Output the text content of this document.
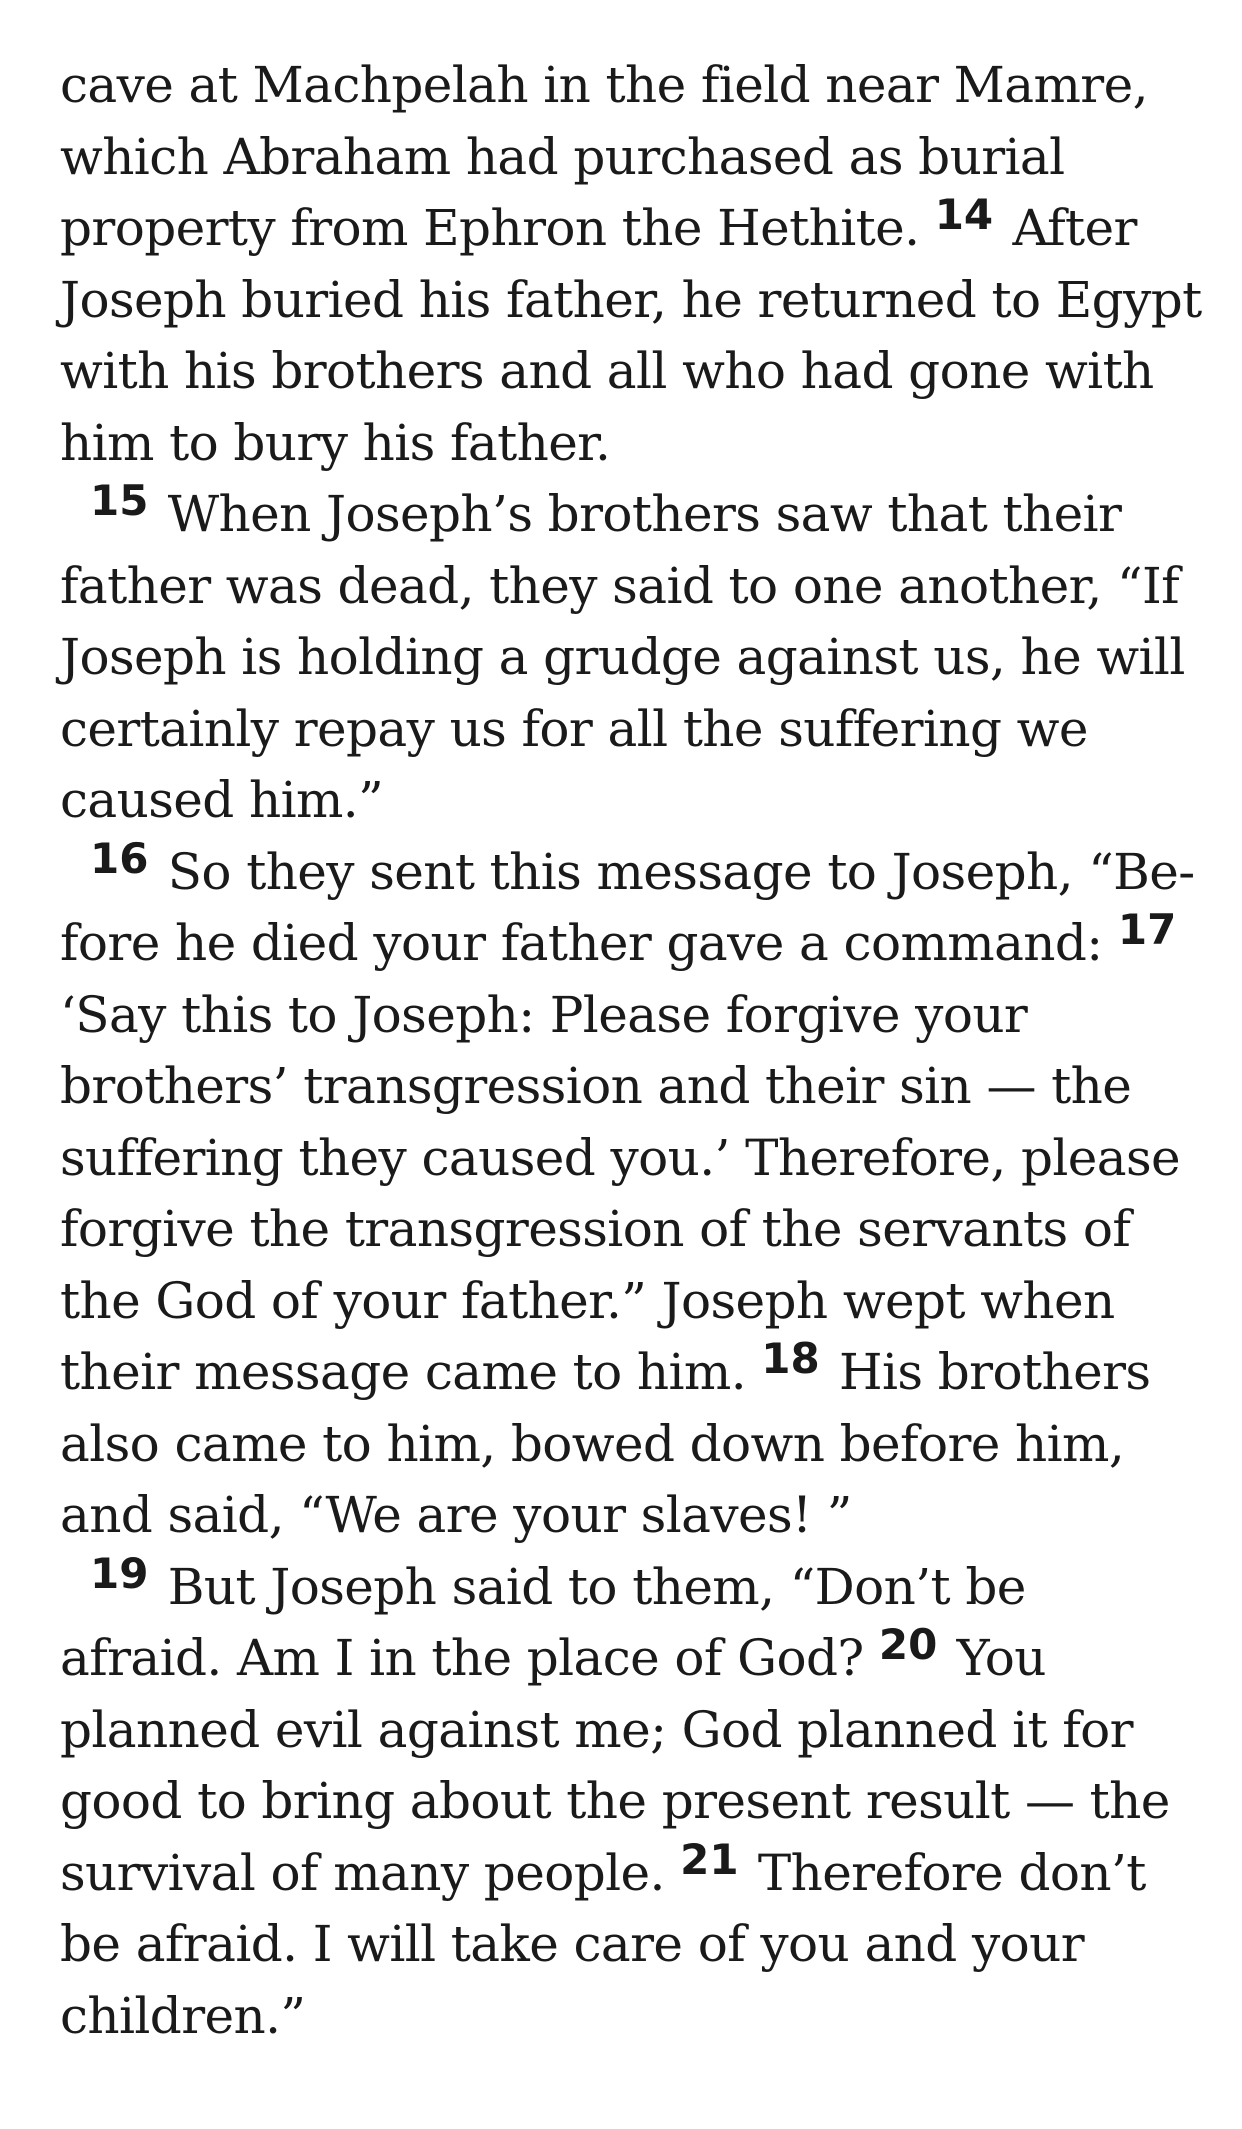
cave at Machpelah in the field near Mamre, which Abraham had purchased as burial property from Ephron the Hethite. $^{14}$ After Joseph buried his father, he returned to Egypt with his brothers and all who had gone with him to bury his father.

$^{15}$ When Joseph’s brothers saw that their father was dead, they said to one another, “If Joseph is holding a grudge against us, he will certainly repay us for all the suffering we caused him.”

$^{16}$ So they sent this message to Joseph, “Before he died your father gave a command: $^{17}$ ‘Say this to Joseph: Please forgive your brothers’ transgression and their sin — the suffering they caused you.’ Therefore, please forgive the transgression of the servants of the God of your father.” Joseph wept when their message came to him. $^{18}$ His brothers also came to him, bowed down before him, and said, “We are your slaves! ”

$^{19}$ But Joseph said to them, “Don’t be afraid. Am I in the place of God? $^{20}$ You planned evil against me; God planned it for good to bring about the present result — the survival of many people. $^{21}$ Therefore don’t be afraid. I will take care of you and your children.”
